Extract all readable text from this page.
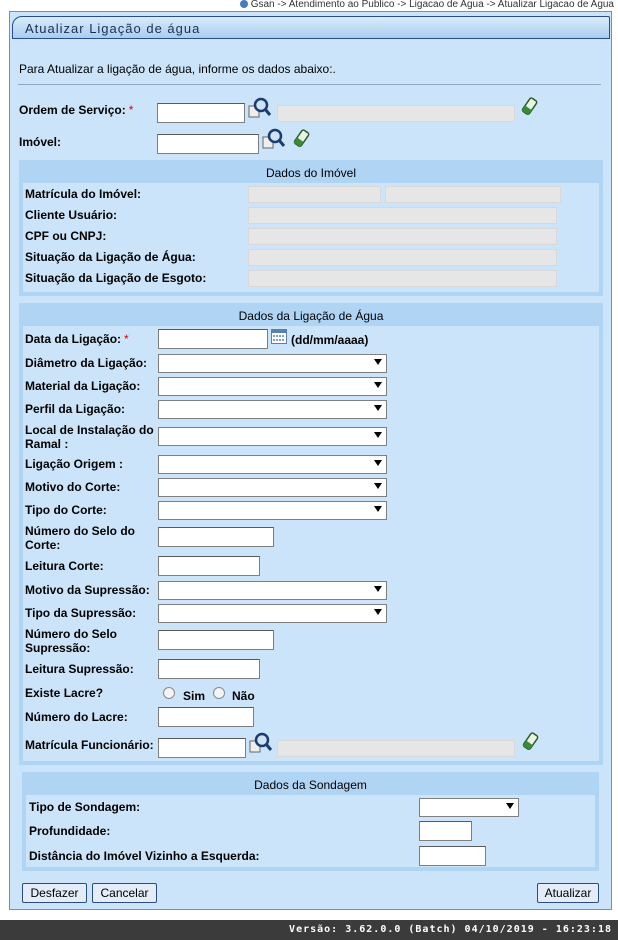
Gsan -> Atendimento ao Publico -> Ligacao de Agua -> Atualizar Ligacao de Agua
Atualizar Ligação de água
Para Atualizar a ligação de água, informe os dados abaixo:.
Ordem de Serviço: *
Imóvel:
Dados do Imóvel
Matrícula do Imóvel:
Cliente Usuário:
CPF ou CNPJ:
Situação da Ligação de Água:
Situação da Ligação de Esgoto:
Dados da Ligação de Água
Data da Ligação: *	(dd/mm/aaaa)
Diâmetro da Ligação:
Material da Ligação:
Perfil da Ligação:
Local de Instalação do
Ramal :
Ligação Origem :
Motivo do Corte:
Tipo do Corte:
Número do Selo do
Corte:
Leitura Corte:
Motivo da Supressão:
Tipo da Supressão:
Número do Selo
Supressão:
Leitura Supressão:
Existe Lacre?	Sim Não
Número do Lacre:
Matrícula Funcionário:
Dados da Sondagem
Tipo de Sondagem:
Profundidade:
Distância do Imóvel Vizinho a Esquerda:
Desfazer	Cancelar	Atualizar
Versão: 3.62.0.0 (Batch) 04/10/2019 - 16:23:18
